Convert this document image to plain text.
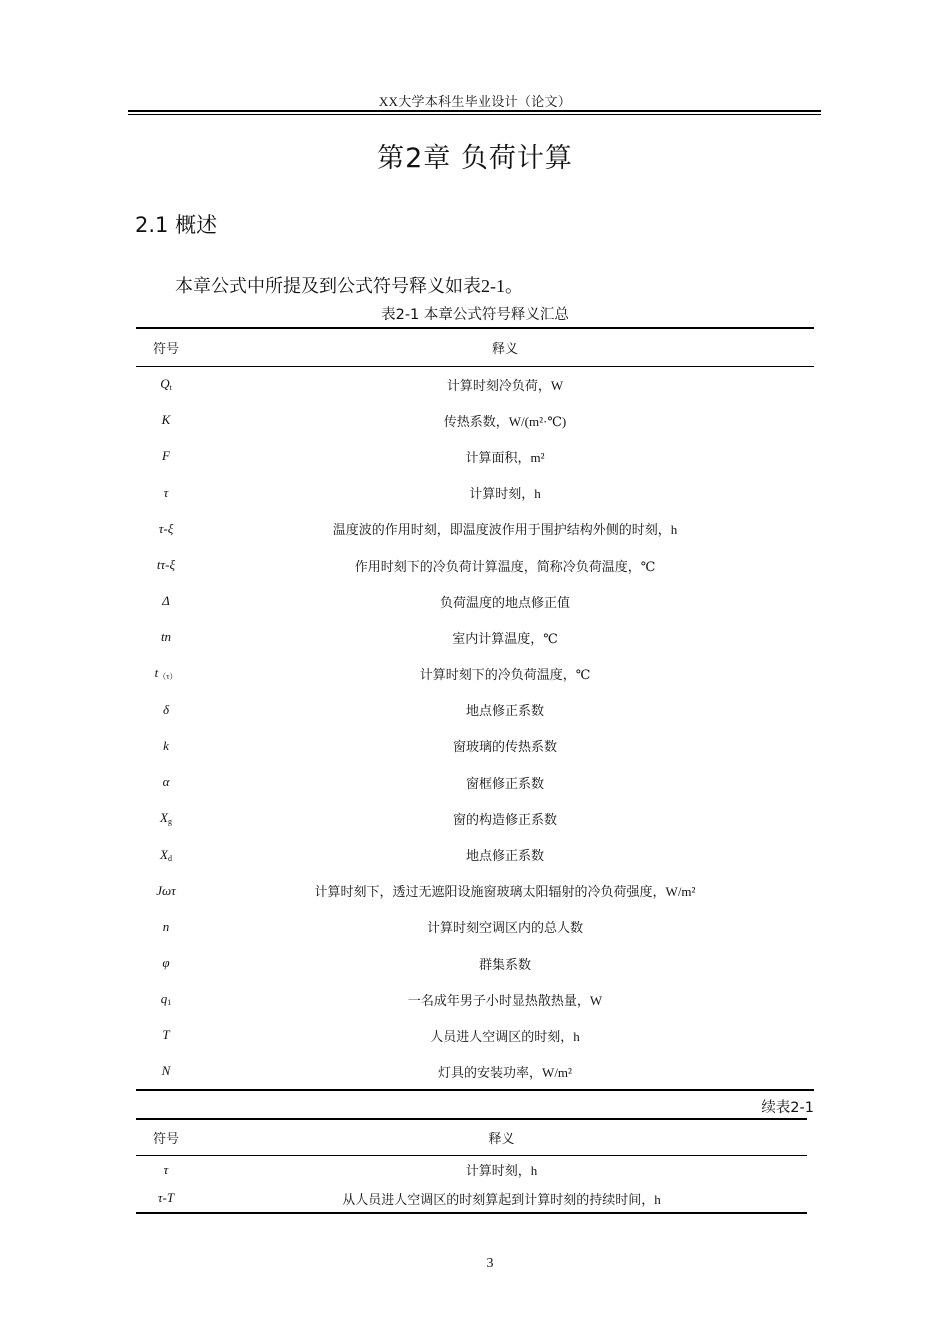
XX大学本科生毕业设计（论文）
第2章 负荷计算
2.1 概述
本章公式中所提及到公式符号释义如表2-1。
表2-1 本章公式符号释义汇总
符号	释义
$Q_t$	计算时刻冷负荷，W
K	传热系数，W/(m²·℃)
F	计算面积，m²
τ	计算时刻，h
τ-ξ	温度波的作用时刻，即温度波作用于围护结构外侧的时刻，h
tτ-ξ	作用时刻下的冷负荷计算温度，简称冷负荷温度，℃
Δ	负荷温度的地点修正值
tn	室内计算温度，℃
$t_{(\tau)}$	计算时刻下的冷负荷温度，℃
δ	地点修正系数
k	窗玻璃的传热系数
α	窗框修正系数
$X_g$	窗的构造修正系数
$X_d$	地点修正系数
Jωτ	计算时刻下，透过无遮阳设施窗玻璃太阳辐射的冷负荷强度，W/m²
n	计算时刻空调区内的总人数
φ	群集系数
$q_1$	一名成年男子小时显热散热量，W
T	人员进人空调区的时刻，h
N	灯具的安装功率，W/m²
续表2-1
符号	释义
τ	计算时刻，h
τ-T	从人员进人空调区的时刻算起到计算时刻的持续时间，h
3
